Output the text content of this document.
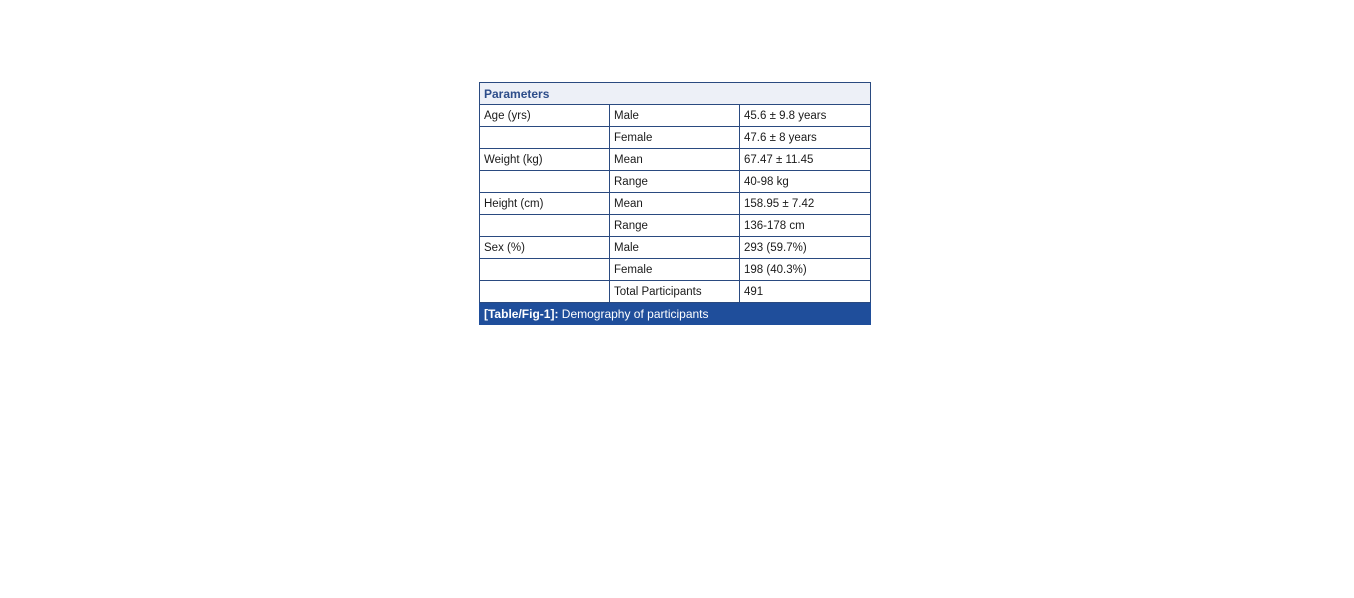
Parameters		
Age (yrs)	Male	45.6 ± 9.8 years
	Female	47.6 ± 8 years
Weight (kg)	Mean	67.47 ± 11.45
	Range	40-98 kg
Height (cm)	Mean	158.95 ± 7.42
	Range	136-178 cm
Sex (%)	Male	293 (59.7%)
	Female	198 (40.3%)
	Total Participants	491
[Table/Fig-1]: Demography of participants		
